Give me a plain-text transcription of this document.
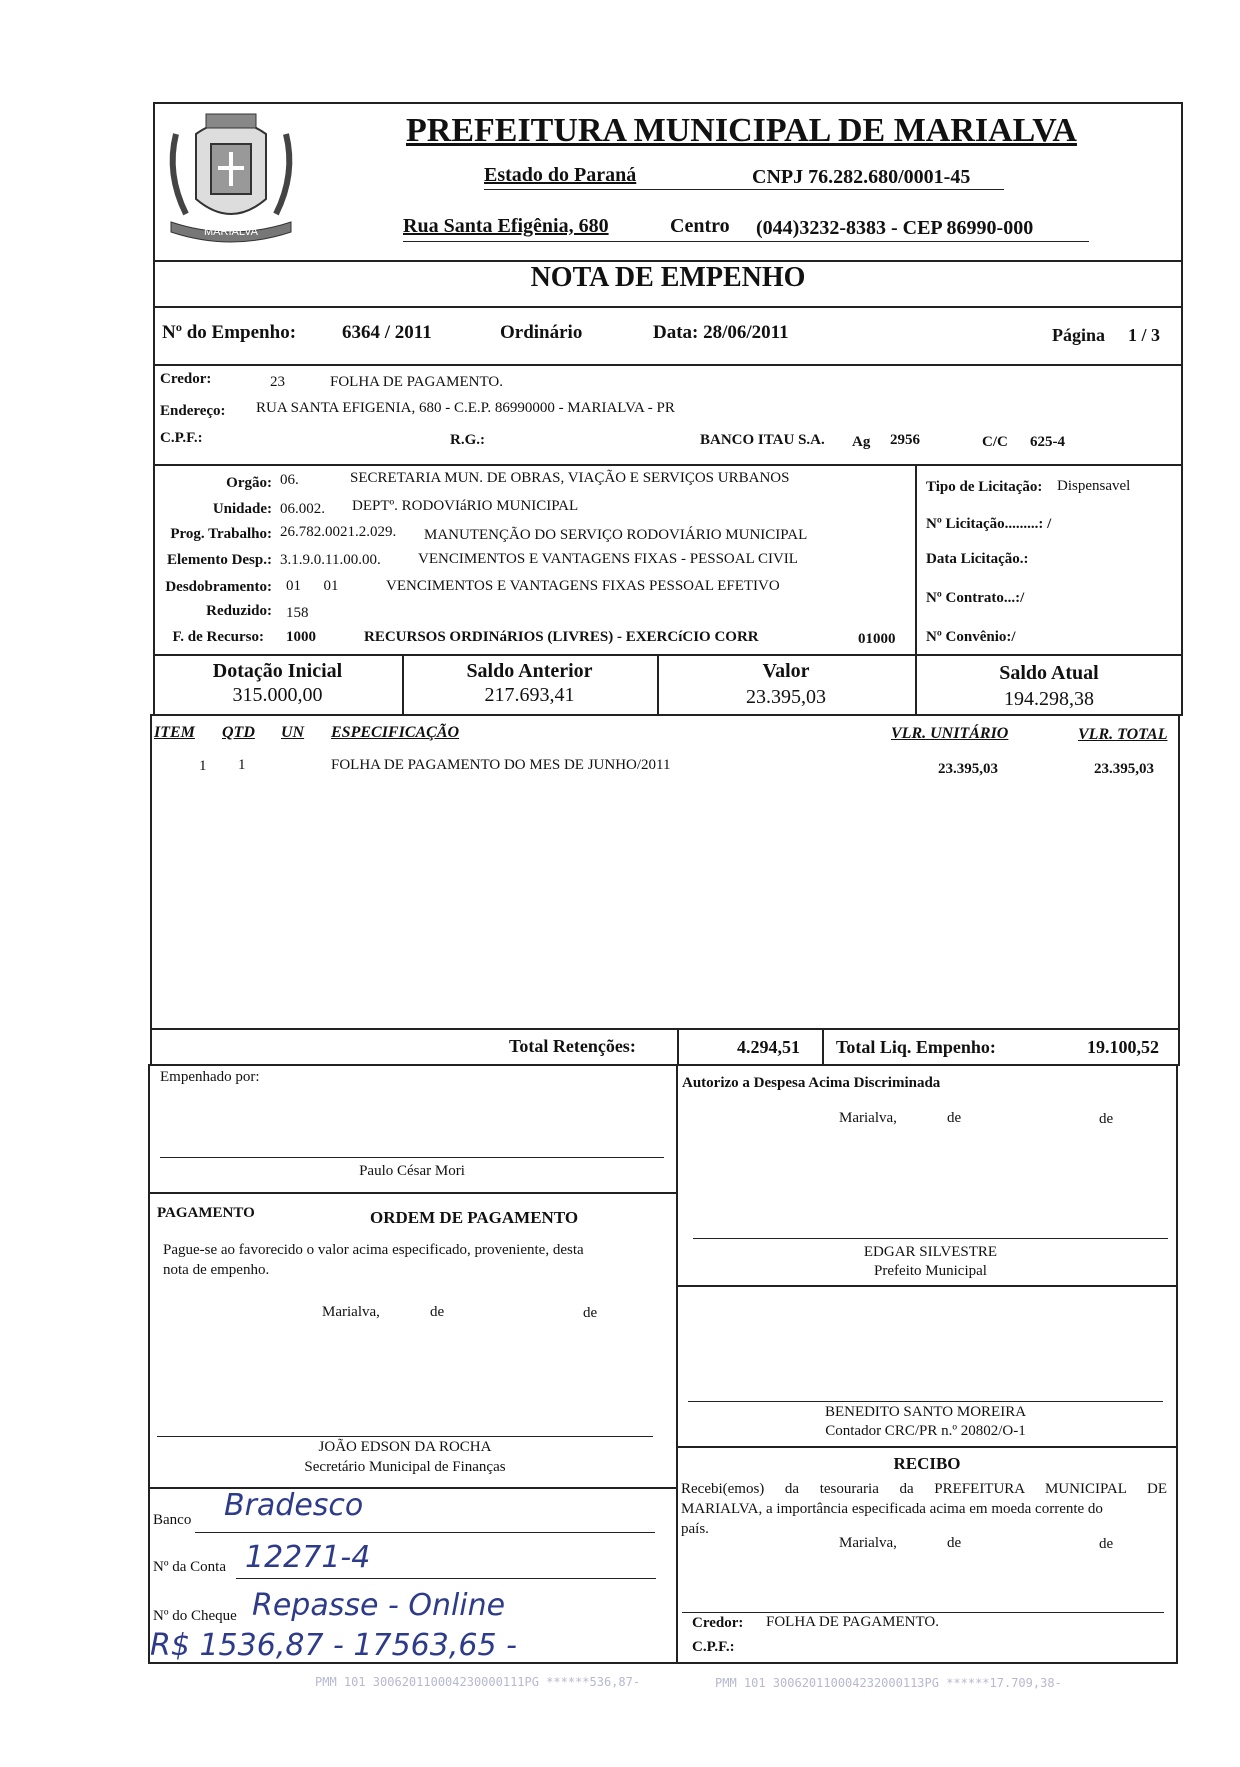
MARIALVA
PREFEITURA MUNICIPAL DE MARIALVA
Estado do Paraná	CNPJ 76.282.680/0001-45
Rua Santa Efigênia, 680	Centro (044)3232-8383 - CEP 86990-000
NOTA DE EMPENHO
Nº do Empenho: 6364 / 2011	Ordinário	Data: 28/06/2011	Página 1 / 3
Credor:	23	FOLHA DE PAGAMENTO.
Endereço: RUA SANTA EFIGENIA, 680 - C.E.P. 86990000 - MARIALVA - PR
C.P.F.:	R.G.:	BANCO ITAU S.A. Ag 2956	C/C 625-4
Orgão: 06.	SECRETARIA MUN. DE OBRAS, VIAÇÃO E SERVIÇOS URBANOS
Unidade: 06.002. DEPTº. RODOVIáRIO MUNICIPAL
Prog. Trabalho: 26.782.0021.2.029. MANUTENÇÃO DO SERVIÇO RODOVIÁRIO MUNICIPAL
Elemento Desp.: 3.1.9.0.11.00.00. VENCIMENTOS E VANTAGENS FIXAS - PESSOAL CIVIL
Desdobramento: 01      01	VENCIMENTOS E VANTAGENS FIXAS PESSOAL EFETIVO
Reduzido: 158
F. de Recurso: 1000	RECURSOS ORDINáRIOS (LIVRES) - EXERCíCIO CORR	01000
Tipo de Licitação: Dispensavel
Nº Licitação.........: /
Data Licitação.:
Nº Contrato...:/
Nº Convênio:/
Dotação Inicial
315.000,00
Saldo Anterior
217.693,41
Valor
23.395,03
Saldo Atual
194.298,38
ITEM QTD UN ESPECIFICAÇÃO	VLR. UNITÁRIO	VLR. TOTAL
1 1	FOLHA DE PAGAMENTO DO MES DE JUNHO/2011	23.395,03	23.395,03
Total Retenções:	4.294,51 Total Liq. Empenho:	19.100,52
Empenhado por:
Paulo César Mori
PAGAMENTO	ORDEM DE PAGAMENTO
Pague-se ao favorecido o valor acima especificado, proveniente, desta
nota de empenho.
Marialva,	de	de
JOÃO EDSON DA ROCHA
Secretário Municipal de Finanças
Banco Bradesco
Nº da Conta 12271-4
Nº do Cheque Repasse - Online
R$ 1536,87 - 17563,65 -
Autorizo a Despesa Acima Discriminada
Marialva,	de	de
EDGAR SILVESTRE
Prefeito Municipal
BENEDITO SANTO MOREIRA
Contador CRC/PR n.º 20802/O-1
RECIBO
Recebi(emos) da tesouraria da PREFEITURA MUNICIPAL DE
MARIALVA, a importância especificada acima em moeda corrente do
país.
Marialva,	de	de
Credor: FOLHA DE PAGAMENTO.
C.P.F.:
PMM 101 300620110004230000111PG ******536,87-	PMM 101 300620110004232000113PG ******17.709,38-
